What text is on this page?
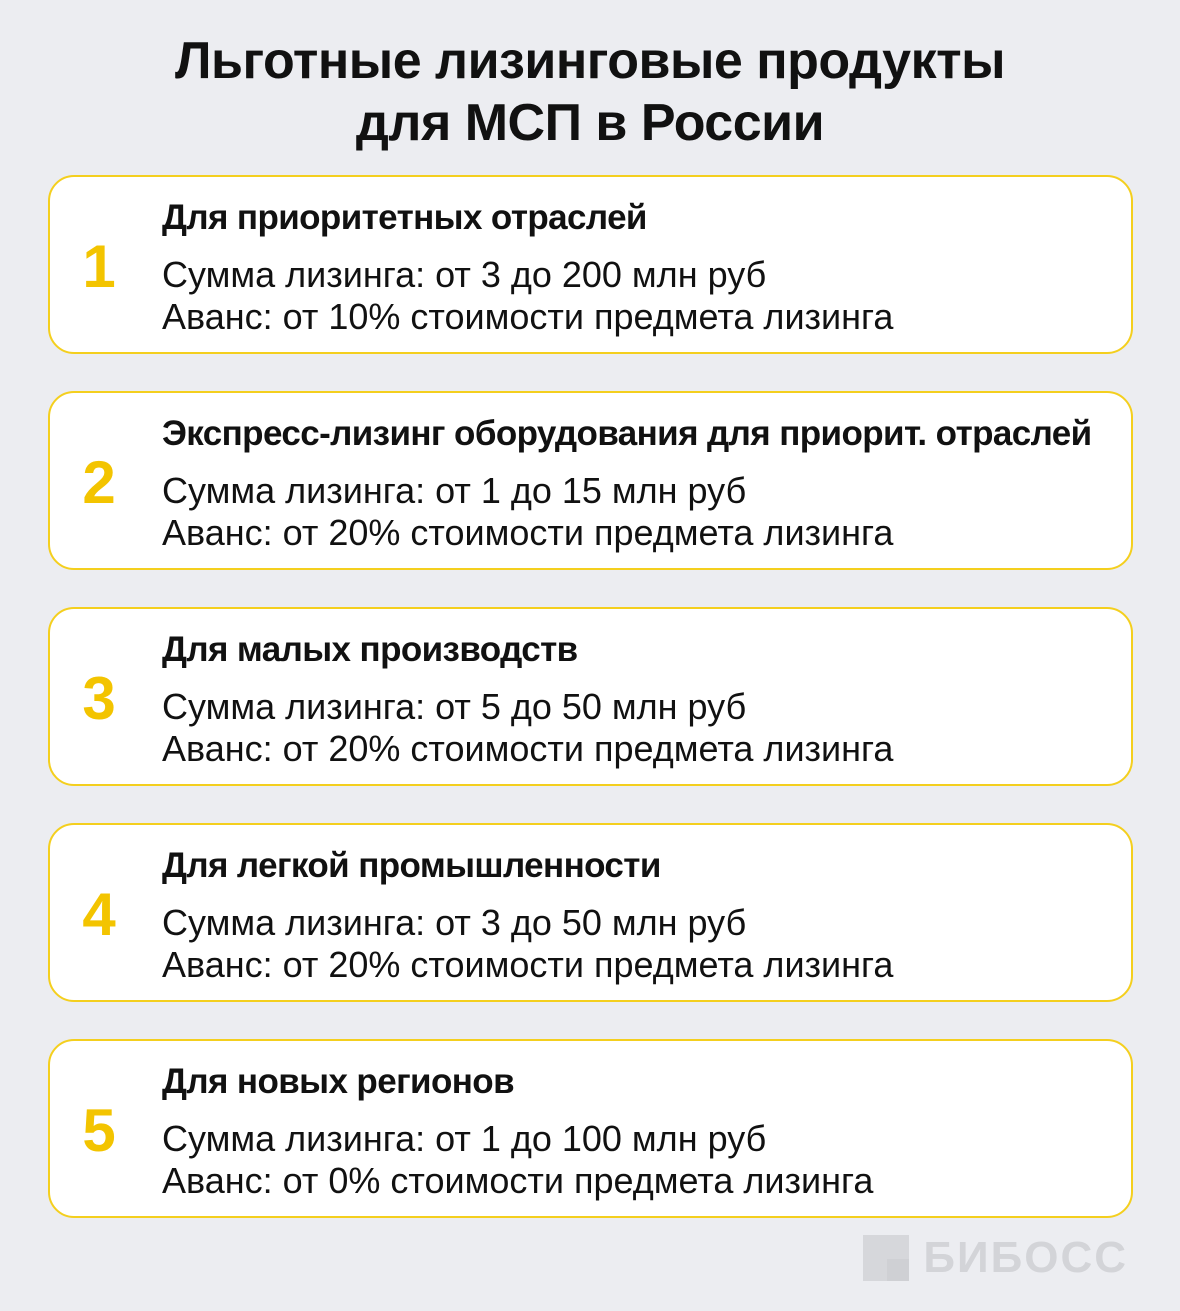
Льготные лизинговые продукты
для МСП в России
1
Для приоритетных отраслей
Сумма лизинга: от 3 до 200 млн руб
Аванс: от 10% стоимости предмета лизинга
2
Экспресс-лизинг оборудования для приорит. отраслей
Сумма лизинга: от 1 до 15 млн руб
Аванс: от 20% стоимости предмета лизинга
3
Для малых производств
Сумма лизинга: от 5 до 50 млн руб
Аванс: от 20% стоимости предмета лизинга
4
Для легкой промышленности
Сумма лизинга: от 3 до 50 млн руб
Аванс: от 20% стоимости предмета лизинга
5
Для новых регионов
Сумма лизинга: от 1 до 100 млн руб
Аванс: от 0% стоимости предмета лизинга
БИБОСС
